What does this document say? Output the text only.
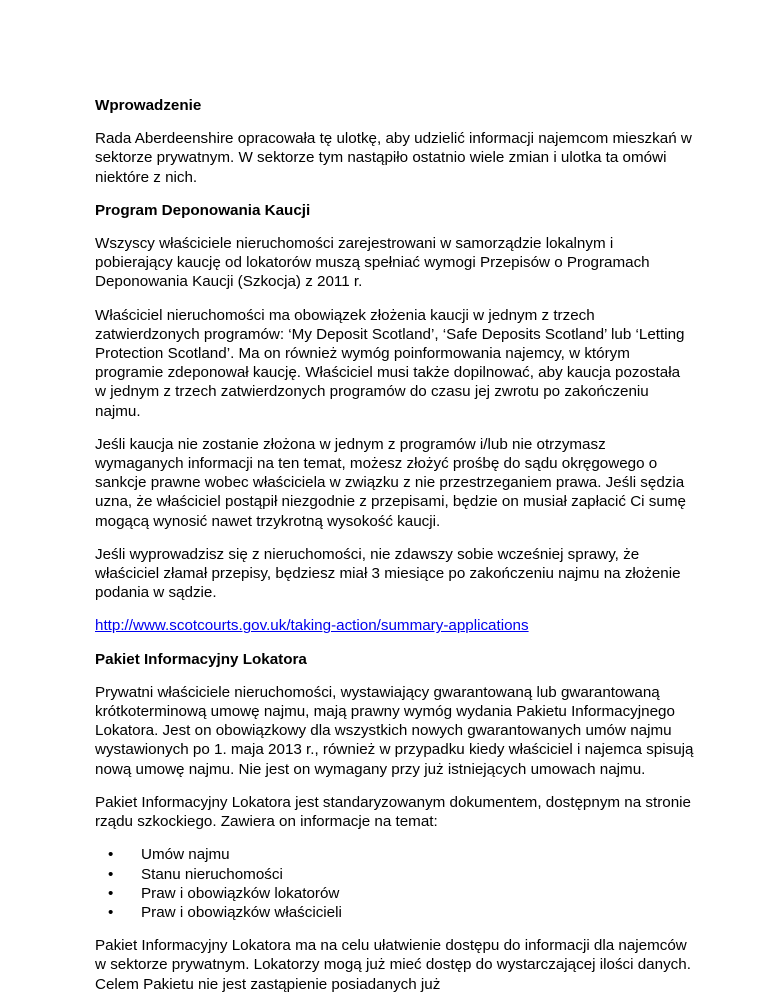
Wprowadzenie
Rada Aberdeenshire opracowała tę ulotkę, aby udzielić informacji najemcom mieszkań w sektorze prywatnym. W sektorze tym nastąpiło ostatnio wiele zmian i ulotka ta omówi niektóre z nich.
Program Deponowania Kaucji
Wszyscy właściciele nieruchomości zarejestrowani w samorządzie lokalnym i pobierający kaucję od lokatorów muszą spełniać wymogi Przepisów o Programach Deponowania Kaucji (Szkocja) z 2011 r.
Właściciel nieruchomości ma obowiązek złożenia kaucji w jednym z trzech zatwierdzonych programów: ‘My Deposit Scotland’, ‘Safe Deposits Scotland’ lub ‘Letting Protection Scotland’. Ma on również wymóg poinformowania najemcy, w którym programie zdeponował kaucję. Właściciel musi także dopilnować, aby kaucja pozostała w jednym z trzech zatwierdzonych programów do czasu jej zwrotu po zakończeniu najmu.
Jeśli kaucja nie zostanie złożona w jednym z programów i/lub nie otrzymasz wymaganych informacji na ten temat, możesz złożyć prośbę do sądu okręgowego o sankcje prawne wobec właściciela w związku z nie przestrzeganiem prawa. Jeśli sędzia uzna, że właściciel postąpił niezgodnie z przepisami, będzie on musiał zapłacić Ci sumę mogącą wynosić nawet trzykrotną wysokość kaucji.
Jeśli wyprowadzisz się z nieruchomości, nie zdawszy sobie wcześniej sprawy, że właściciel złamał przepisy, będziesz miał 3 miesiące po zakończeniu najmu na złożenie podania w sądzie.
http://www.scotcourts.gov.uk/taking-action/summary-applications
Pakiet Informacyjny Lokatora
Prywatni właściciele nieruchomości, wystawiający gwarantowaną lub gwarantowaną krótkoterminową umowę najmu, mają prawny wymóg wydania Pakietu Informacyjnego Lokatora. Jest on obowiązkowy dla wszystkich nowych gwarantowanych umów najmu wystawionych po 1. maja 2013 r., również w przypadku kiedy właściciel i najemca spisują nową umowę najmu. Nie jest on wymagany przy już istniejących umowach najmu.
Pakiet Informacyjny Lokatora jest standaryzowanym dokumentem, dostępnym na stronie rządu szkockiego. Zawiera on informacje na temat:
• Umów najmu
• Stanu nieruchomości
• Praw i obowiązków lokatorów
• Praw i obowiązków właścicieli
Pakiet Informacyjny Lokatora ma na celu ułatwienie dostępu do informacji dla najemców w sektorze prywatnym. Lokatorzy mogą już mieć dostęp do wystarczającej ilości danych. Celem Pakietu nie jest zastąpienie posiadanych już
